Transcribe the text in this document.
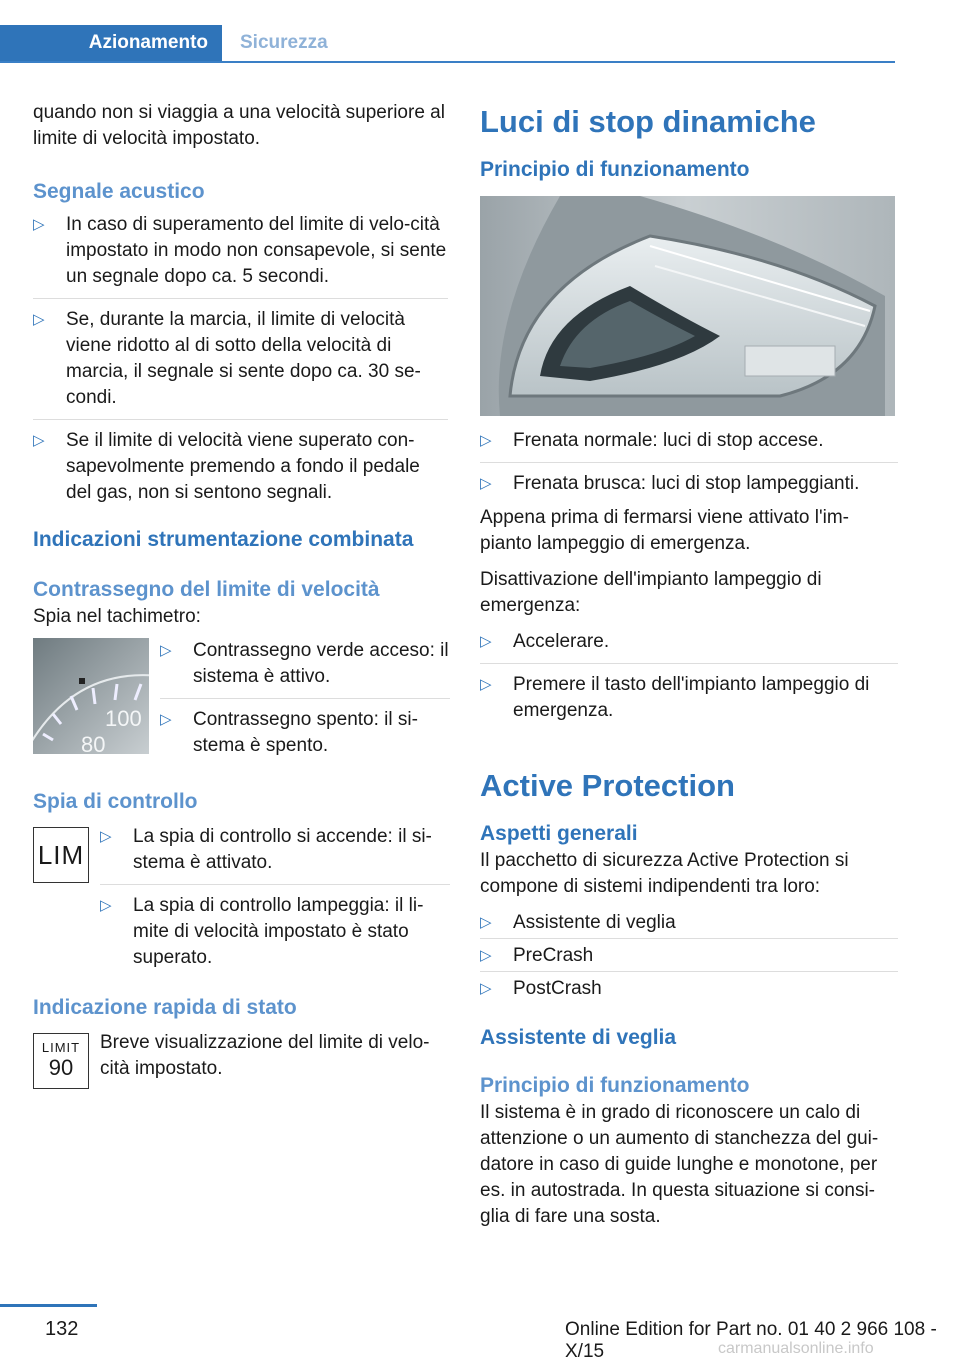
Azionamento	Sicurezza

quando non si viaggia a una velocità superiore al limite di velocità impostato.

Segnale acustico
▷ In caso di superamento del limite di velo‐cità impostato in modo non consapevole, si sente un segnale dopo ca. 5 secondi.
▷ Se, durante la marcia, il limite di velocità viene ridotto al di sotto della velocità di marcia, il segnale si sente dopo ca. 30 se‐condi.
▷ Se il limite di velocità viene superato con‐sapevolmente premendo a fondo il pedale del gas, non si sentono segnali.
Indicazioni strumentazione combinata
Contrassegno del limite di velocità

Spia nel tachimetro:

100
80
▷ Contrassegno verde acceso: il sistema è attivo.
▷ Contrassegno spento: il si‐stema è spento.
Spia di controllo
LIM
▷ La spia di controllo si accende: il si‐stema è attivato.
▷ La spia di controllo lampeggia: il li‐mite di velocità impostato è stato superato.
Indicazione rapida di stato
LIMIT
90

Breve visualizzazione del limite di velo‐cità impostato.

Luci di stop dinamiche
Principio di funzionamento
▷ Frenata normale: luci di stop accese.
▷ Frenata brusca: luci di stop lampeggianti.

Appena prima di fermarsi viene attivato l'im‐pianto lampeggio di emergenza.

Disattivazione dell'impianto lampeggio di emergenza:

▷ Accelerare.
▷ Premere il tasto dell'impianto lampeggio di emergenza.
Active Protection
Aspetti generali

Il pacchetto di sicurezza Active Protection si compone di sistemi indipendenti tra loro:

▷ Assistente di veglia
▷ PreCrash
▷ PostCrash
Assistente di veglia
Principio di funzionamento

Il sistema è in grado di riconoscere un calo di attenzione o un aumento di stanchezza del gui‐datore in caso di guide lunghe e monotone, per es. in autostrada. In questa situazione si consi‐glia di fare una sosta.

132	Online Edition for Part no. 01 40 2 966 108 - X/15	carmanualsonline.info
